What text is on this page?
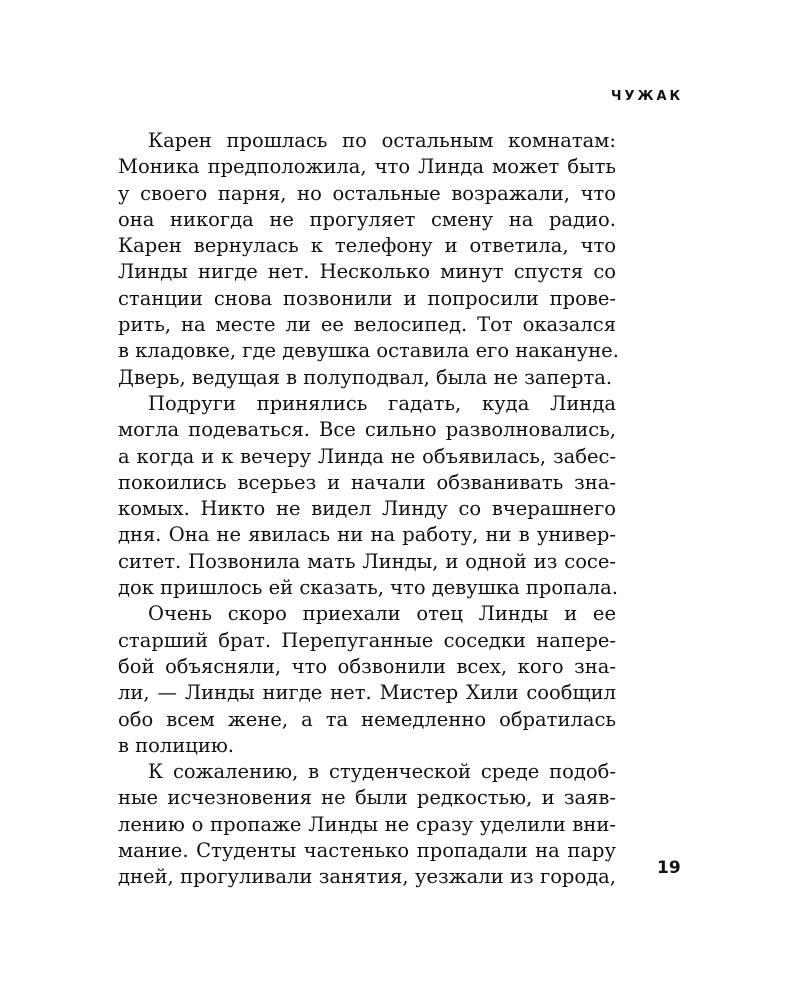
ЧУЖАК
Карен прошлась по остальным комнатам:
Моника предположила, что Линда может быть
у своего парня, но остальные возражали, что
она никогда не прогуляет смену на радио.
Карен вернулась к телефону и ответила, что
Линды нигде нет. Несколько минут спустя со
станции снова позвонили и попросили прове-
рить, на месте ли ее велосипед. Тот оказался
в кладовке, где девушка оставила его накануне.
Дверь, ведущая в полуподвал, была не заперта.
Подруги принялись гадать, куда Линда
могла подеваться. Все сильно разволновались,
а когда и к вечеру Линда не объявилась, забес-
покоились всерьез и начали обзванивать зна-
комых. Никто не видел Линду со вчерашнего
дня. Она не явилась ни на работу, ни в универ-
ситет. Позвонила мать Линды, и одной из сосе-
док пришлось ей сказать, что девушка пропала.
Очень скоро приехали отец Линды и ее
старший брат. Перепуганные соседки напере-
бой объясняли, что обзвонили всех, кого зна-
ли, — Линды нигде нет. Мистер Хили сообщил
обо всем жене, а та немедленно обратилась
в полицию.
К сожалению, в студенческой среде подоб-
ные исчезновения не были редкостью, и заяв-
лению о пропаже Линды не сразу уделили вни-
мание. Студенты частенько пропадали на пару
дней, прогуливали занятия, уезжали из города, 19
